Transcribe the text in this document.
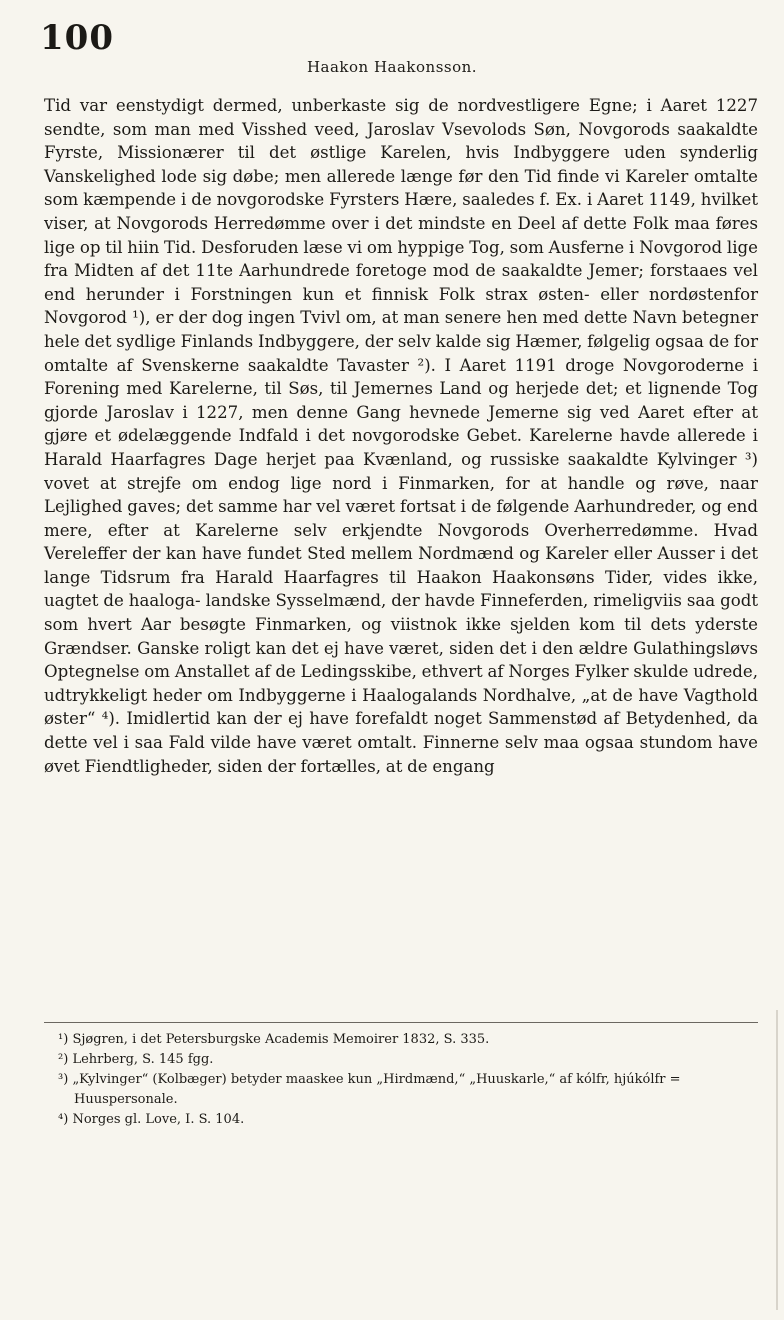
100
Haakon Haakonsson.

Tid var eenstydigt dermed, unberkaste sig de nordvestligere Egne; i Aaret 1227 sendte, som man med Visshed veed, Jaroslav Vsevolods Søn, Novgorods saakaldte Fyrste, Missionærer til det østlige Karelen, hvis Indbyggere uden synderlig Vanskelighed lode sig døbe; men allerede længe før den Tid finde vi Kareler omtalte som kæmpende i de novgorodske Fyrsters Hære, saaledes f. Ex. i Aaret 1149, hvilket viser, at Novgorods Herredømme over i det mindste en Deel af dette Folk maa føres lige op til hiin Tid. Desforuden læse vi om hyppige Tog, som Ausferne i Novgorod lige fra Midten af det 11te Aarhundrede foretoge mod de saakaldte Jemer; forstaaes vel end herunder i Forstningen kun et finnisk Folk strax østen- eller nordøstenfor Novgorod ¹), er der dog ingen Tvivl om, at man senere hen med dette Navn betegner hele det sydlige Finlands Indbyggere, der selv kalde sig Hæmer, følgelig ogsaa de for omtalte af Svenskerne saakaldte Tavaster ²). I Aaret 1191 droge Novgoroderne i Forening med Karelerne, til Søs, til Jemernes Land og herjede det; et lignende Tog gjorde Jaroslav i 1227, men denne Gang hevnede Jemerne sig ved Aaret efter at gjøre et ødelæggende Indfald i det novgorodske Gebet. Karelerne havde allerede i Harald Haarfagres Dage herjet paa Kvænland, og russiske saakaldte Kylvinger ³) vovet at strejfe om endog lige nord i Finmarken, for at handle og røve, naar Lejlighed gaves; det samme har vel været fortsat i de følgende Aarhundreder, og end mere, efter at Karelerne selv erkjendte Novgorods Overherredømme. Hvad Vereleffer der kan have fundet Sted mellem Nordmænd og Kareler eller Ausser i det lange Tidsrum fra Harald Haarfagres til Haakon Haakonsøns Tider, vides ikke, uagtet de haaloga- landske Sysselmænd, der havde Finneferden, rimeligviis saa godt som hvert Aar besøgte Finmarken, og viistnok ikke sjelden kom til dets yderste Grændser. Ganske roligt kan det ej have været, siden det i den ældre Gulathingsløvs Optegnelse om Anstallet af de Ledingsskibe, ethvert af Norges Fylker skulde udrede, udtrykkeligt heder om Indbyggerne i Haalogalands Nordhalve, „at de have Vagthold øster“ ⁴). Imidlertid kan der ej have forefaldt noget Sammenstød af Betydenhed, da dette vel i saa Fald vilde have været omtalt. Finnerne selv maa ogsaa stundom have øvet Fiendtligheder, siden der fortælles, at de engang

¹) Sjøgren, i det Petersburgske Academis Memoirer 1832, S. 335.
²) Lehrberg, S. 145 fgg.
³) „Kylvinger“ (Kolbæger) betyder maaskee kun „Hirdmænd,“ „Huuskarle,“ af kólfr, hjúkólfr = Huuspersonale.
⁴) Norges gl. Love, I. S. 104.
